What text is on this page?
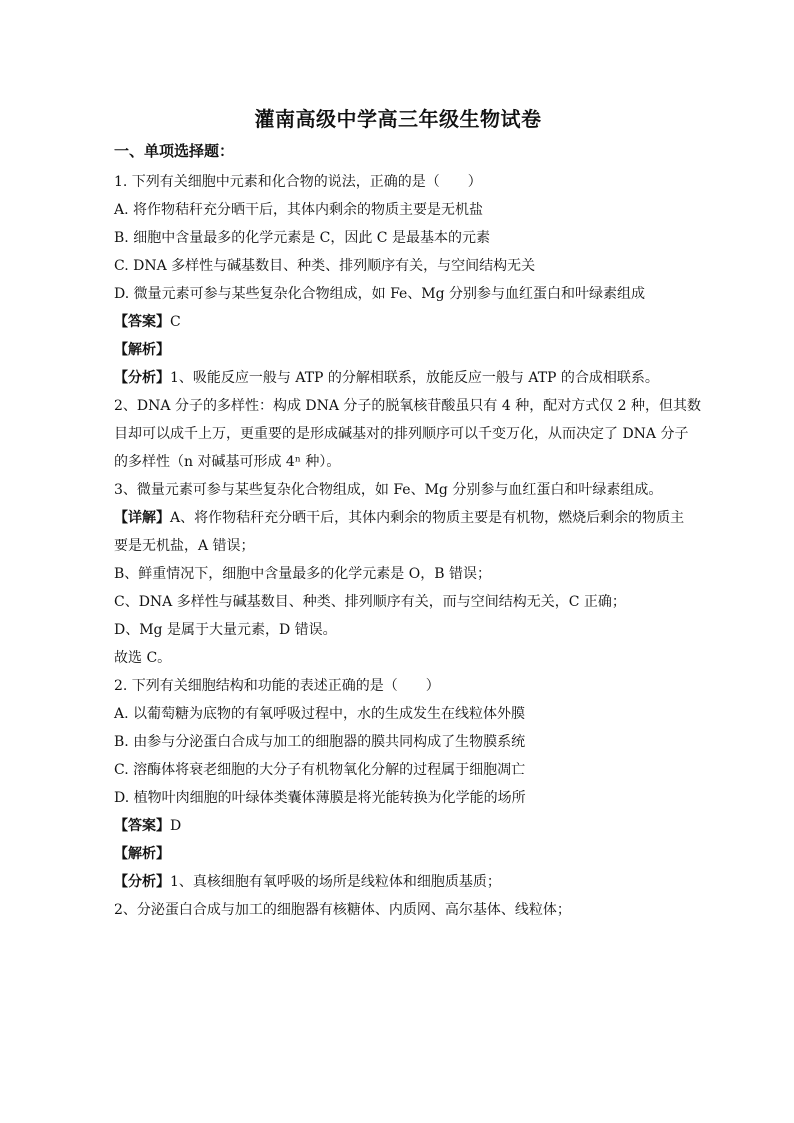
灌南高级中学高三年级生物试卷
一、单项选择题：
1. 下列有关细胞中元素和化合物的说法，正确的是（　　）
A. 将作物秸秆充分晒干后，其体内剩余的物质主要是无机盐
B. 细胞中含量最多的化学元素是 C，因此 C 是最基本的元素
C. DNA 多样性与碱基数目、种类、排列顺序有关，与空间结构无关
D. 微量元素可参与某些复杂化合物组成，如 Fe、Mg 分别参与血红蛋白和叶绿素组成
【答案】C
【解析】
【分析】1、吸能反应一般与 ATP 的分解相联系，放能反应一般与 ATP 的合成相联系。
2、DNA 分子的多样性：构成 DNA 分子的脱氧核苷酸虽只有 4 种，配对方式仅 2 种，但其数
目却可以成千上万，更重要的是形成碱基对的排列顺序可以千变万化，从而决定了 DNA 分子
的多样性（n 对碱基可形成 4ⁿ 种）。
3、微量元素可参与某些复杂化合物组成，如 Fe、Mg 分别参与血红蛋白和叶绿素组成。
【详解】A、将作物秸秆充分晒干后，其体内剩余的物质主要是有机物，燃烧后剩余的物质主
要是无机盐，A 错误；
B、鲜重情况下，细胞中含量最多的化学元素是 O，B 错误；
C、DNA 多样性与碱基数目、种类、排列顺序有关，而与空间结构无关，C 正确；
D、Mg 是属于大量元素，D 错误。
故选 C。
2. 下列有关细胞结构和功能的表述正确的是（　　）
A. 以葡萄糖为底物的有氧呼吸过程中，水的生成发生在线粒体外膜
B. 由参与分泌蛋白合成与加工的细胞器的膜共同构成了生物膜系统
C. 溶酶体将衰老细胞的大分子有机物氧化分解的过程属于细胞凋亡
D. 植物叶肉细胞的叶绿体类囊体薄膜是将光能转换为化学能的场所
【答案】D
【解析】
【分析】1、真核细胞有氧呼吸的场所是线粒体和细胞质基质；
2、分泌蛋白合成与加工的细胞器有核糖体、内质网、高尔基体、线粒体；
